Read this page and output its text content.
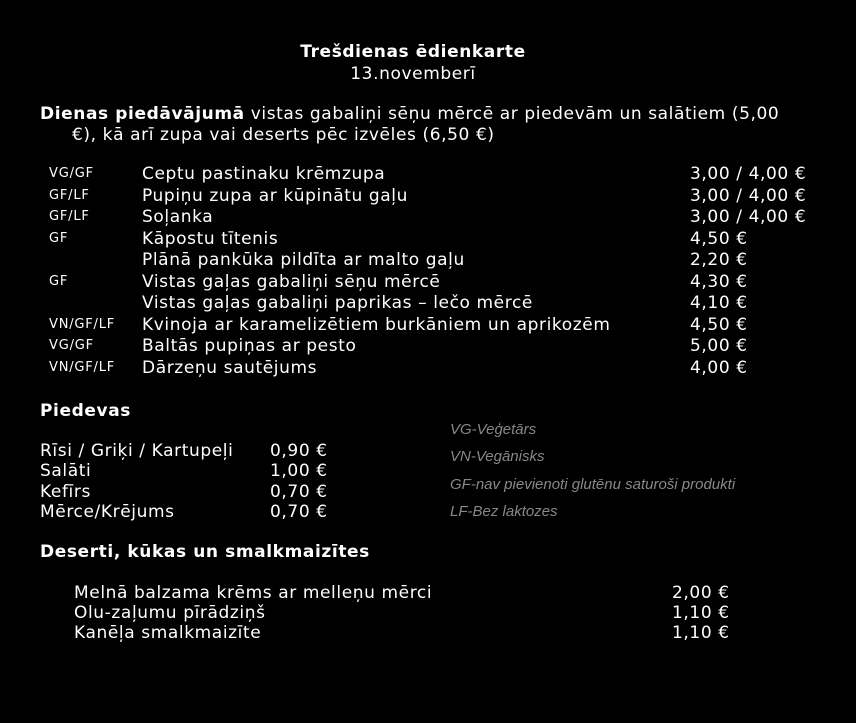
Trešdienas ēdienkarte
13.novemberī
Dienas piedāvājumā vistas gabaliņi sēņu mērcē ar piedevām un salātiem (5,00
€), kā arī zupa vai deserts pēc izvēles (6,50 €)
VG/GF	Ceptu pastinaku krēmzupa	3,00 / 4,00 €
GF/LF	Pupiņu zupa ar kūpinātu gaļu	3,00 / 4,00 €
GF/LF	Soļanka	3,00 / 4,00 €
GF	Kāpostu tītenis	4,50 €
Plānā pankūka pildīta ar malto gaļu	2,20 €
GF	Vistas gaļas gabaliņi sēņu mērcē	4,30 €
Vistas gaļas gabaliņi paprikas – lečo mērcē	4,10 €
VN/GF/LF Kvinoja ar karamelizētiem burkāniem un aprikozēm	4,50 €
VG/GF	Baltās pupiņas ar pesto	5,00 €
VN/GF/LF Dārzeņu sautējums	4,00 €
Piedevas
Rīsi / Griķi / Kartupeļi 0,90 €
Salāti	1,00 €
Kefīrs	0,70 €
Mērce/Krējums	0,70 €
VG-Veģetārs
VN-Vegānisks
GF-nav pievienoti glutēnu saturoši produkti
LF-Bez laktozes
Deserti, kūkas un smalkmaizītes
Melnā balzama krēms ar melleņu mērci	2,00 €
Olu-zaļumu pīrādziņš	1,10 €
Kanēļa smalkmaizīte	1,10 €
